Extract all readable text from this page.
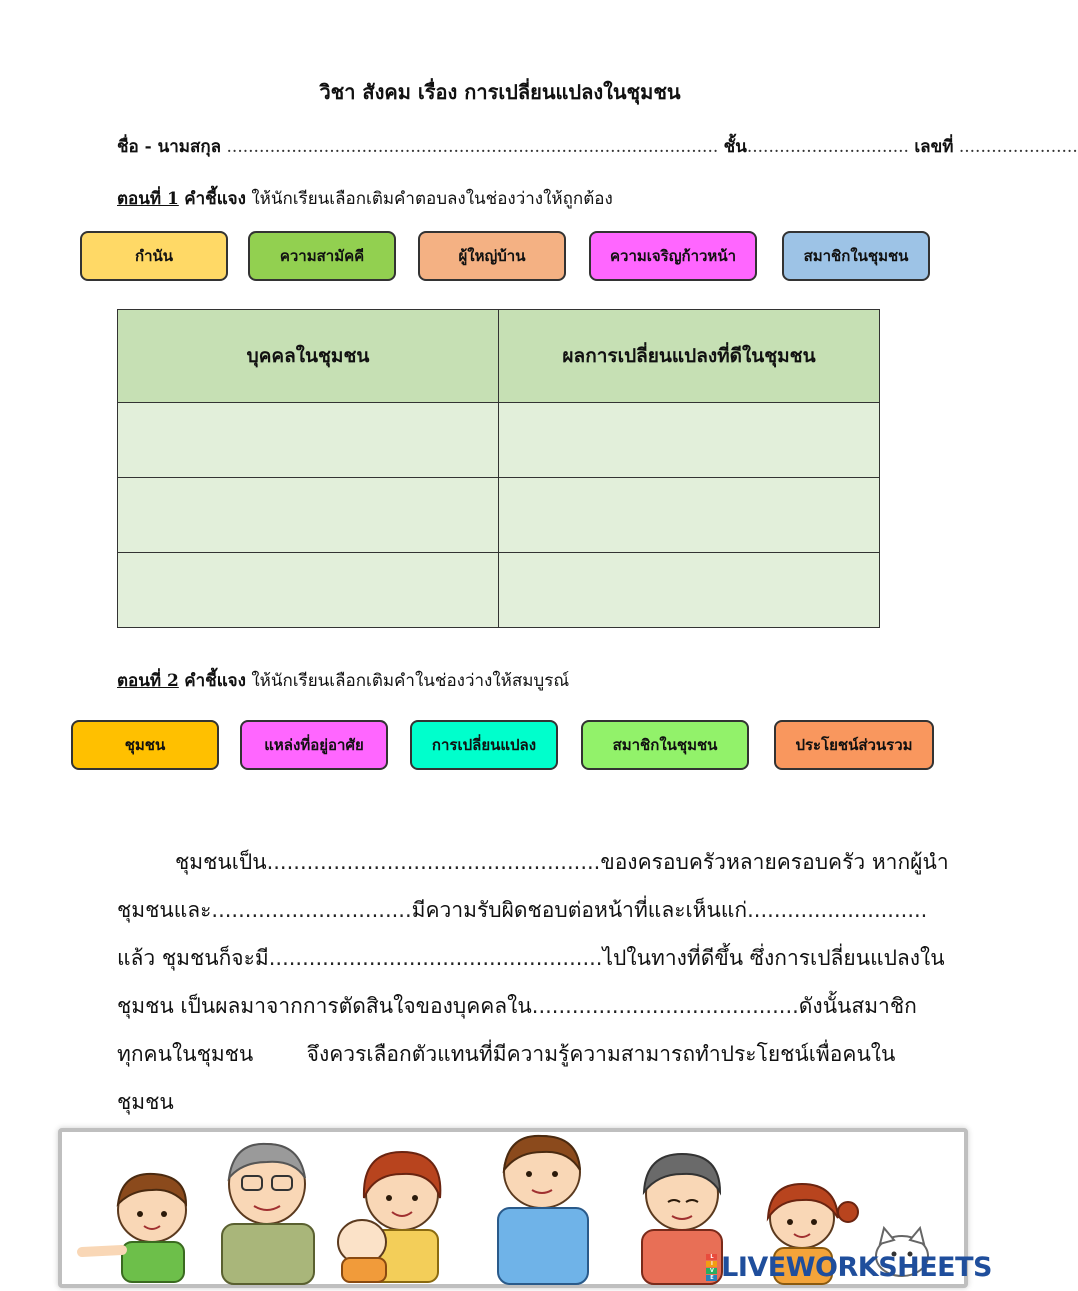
วิชา สังคม เรื่อง การเปลี่ยนแปลงในชุมชน
ชื่อ - นามสกุล ........................................................................................... ชั้น.............................. เลขที่ ......................
ตอนที่ 1 คำชี้แจง ให้นักเรียนเลือกเติมคำตอบลงในช่องว่างให้ถูกต้อง
กำนัน	ความสามัคคี	ผู้ใหญ่บ้าน	ความเจริญก้าวหน้า	สมาชิกในชุมชน
บุคคลในชุมชน	ผลการเปลี่ยนแปลงที่ดีในชุมชน

ตอนที่ 2 คำชี้แจง ให้นักเรียนเลือกเติมคำในช่องว่างให้สมบูรณ์
ชุมชน	แหล่งที่อยู่อาศัย	การเปลี่ยนแปลง	สมาชิกในชุมชน	ประโยชน์ส่วนรวม
ชุมชนเป็น..................................................ของครอบครัวหลายครอบครัว หากผู้นำ
ชุมชนและ..............................มีความรับผิดชอบต่อหน้าที่และเห็นแก่...........................
แล้ว ชุมชนก็จะมี..................................................ไปในทางที่ดีขึ้น ซึ่งการเปลี่ยนแปลงใน
ชุมชน เป็นผลมาจากการตัดสินใจของบุคคลใน........................................ดังนั้นสมาชิก
ทุกคนในชุมชน        จึงควรเลือกตัวแทนที่มีความรู้ความสามารถทำประโยชน์เพื่อคนใน
ชุมชน
L
I
V
E LIVEWORKSHEETS
